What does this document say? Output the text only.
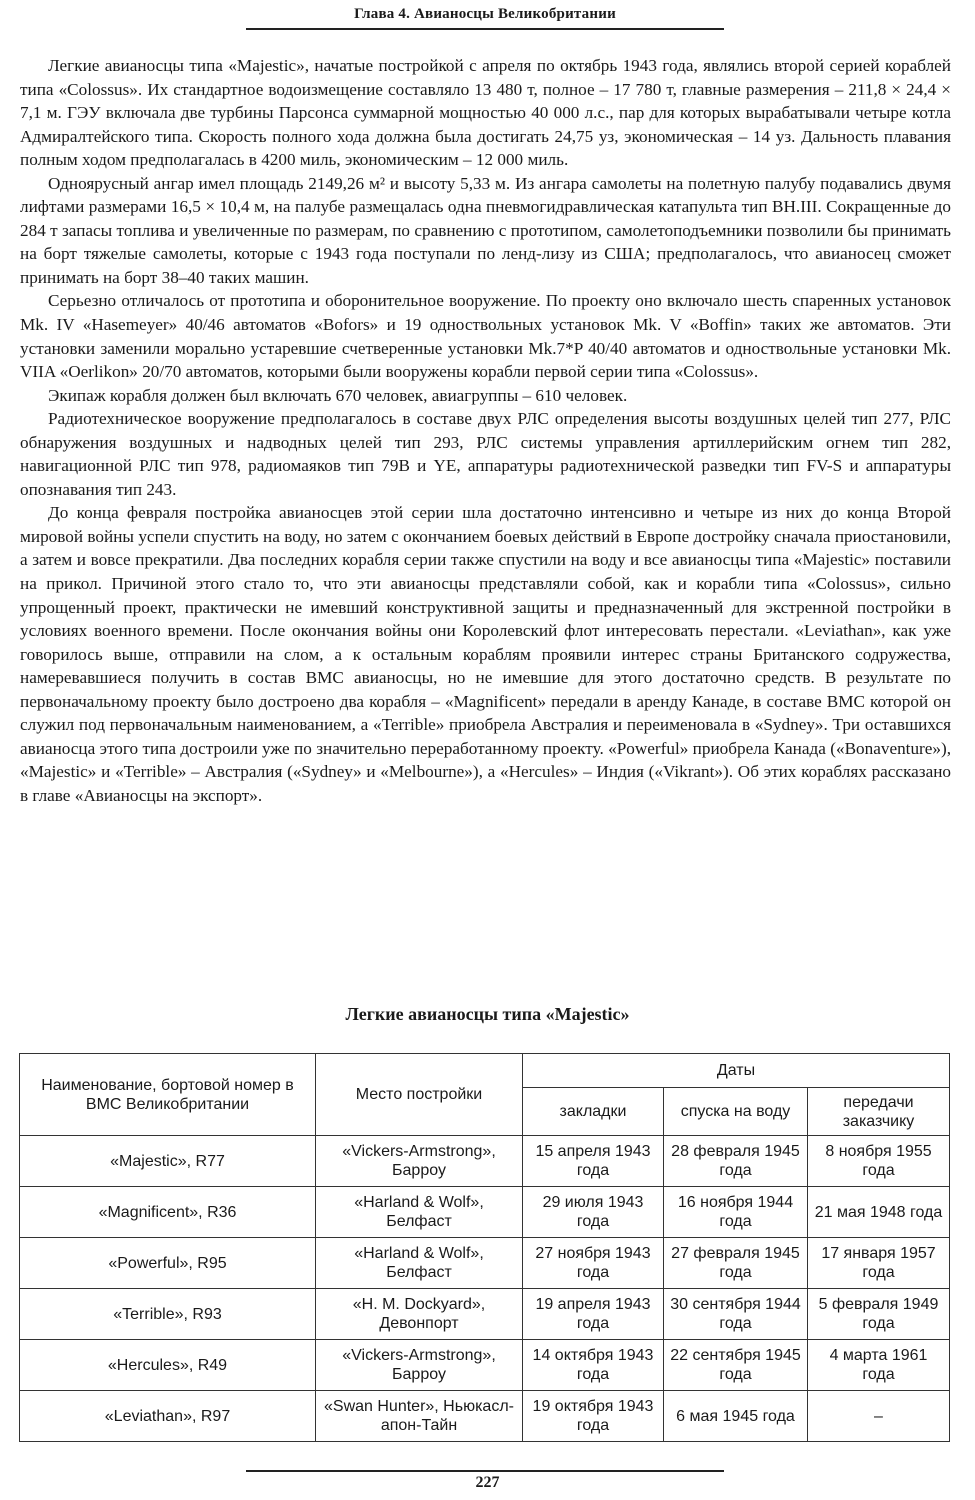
Глава 4. Авианосцы Великобритании

Легкие авианосцы типа «Majestic», начатые постройкой с апреля по октябрь 1943 года, являлись второй серией кораблей типа «Colossus». Их стандартное водоизмещение составляло 13 480 т, полное – 17 780 т, главные размерения – 211,8 × 24,4 × 7,1 м. ГЭУ включала две турбины Парсонса суммарной мощностью 40 000 л.с., пар для которых вырабатывали четыре котла Адмиралтейского типа. Скорость полного хода должна была достигать 24,75 уз, экономическая – 14 уз. Дальность плавания полным ходом предполагалась в 4200 миль, экономическим – 12 000 миль.

Одноярусный ангар имел площадь 2149,26 м² и высоту 5,33 м. Из ангара самолеты на полетную палубу подавались двумя лифтами размерами 16,5 × 10,4 м, на палубе размещалась одна пневмогидравлическая катапульта тип BH.III. Сокращенные до 284 т запасы топлива и увеличенные по размерам, по сравнению с прототипом, самолетоподъемники позволили бы принимать на борт тяжелые самолеты, которые с 1943 года поступали по ленд-лизу из США; предполагалось, что авианосец сможет принимать на борт 38–40 таких машин.

Серьезно отличалось от прототипа и оборонительное вооружение. По проекту оно включало шесть спаренных установок Mk. IV «Hasemeyer» 40/46 автоматов «Bofors» и 19 одноствольных установок Mk. V «Boffin» таких же автоматов. Эти установки заменили морально устаревшие счетверенные установки Mk.7*P 40/40 автоматов и одноствольные установки Mk. VIIA «Oerlikon» 20/70 автоматов, которыми были вооружены корабли первой серии типа «Colossus».

Экипаж корабля должен был включать 670 человек, авиагруппы – 610 человек.

Радиотехническое вооружение предполагалось в составе двух РЛС определения высоты воздушных целей тип 277, РЛС обнаружения воздушных и надводных целей тип 293, РЛС системы управления артиллерийским огнем тип 282, навигационной РЛС тип 978, радиомаяков тип 79B и YE, аппаратуры радиотехнической разведки тип FV-S и аппаратуры опознавания тип 243.

До конца февраля постройка авианосцев этой серии шла достаточно интенсивно и четыре из них до конца Второй мировой войны успели спустить на воду, но затем с окончанием боевых действий в Европе достройку сначала приостановили, а затем и вовсе прекратили. Два последних корабля серии также спустили на воду и все авианосцы типа «Majestic» поставили на прикол. Причиной этого стало то, что эти авианосцы представляли собой, как и корабли типа «Colossus», сильно упрощенный проект, практически не имевший конструктивной защиты и предназначенный для экстренной постройки в условиях военного времени. После окончания войны они Королевский флот интересовать перестали. «Leviathan», как уже говорилось выше, отправили на слом, а к остальным кораблям проявили интерес страны Британского содружества, намеревавшиеся получить в состав ВМС авианосцы, но не имевшие для этого достаточно средств. В результате по первоначальному проекту было достроено два корабля – «Magnificent» передали в аренду Канаде, в составе ВМС которой он служил под первоначальным наименованием, а «Terrible» приобрела Австралия и переименовала в «Sydney». Три оставшихся авианосца этого типа достроили уже по значительно переработанному проекту. «Powerful» приобрела Канада («Bonaventure»), «Majestic» и «Terrible» – Австралия («Sydney» и «Melbourne»), а «Hercules» – Индия («Vikrant»). Об этих кораблях рассказано в главе «Авианосцы на экспорт».

Легкие авианосцы типа «Majestic»
Наименование, бортовой номер в ВМС Великобритании	Место постройки	Даты		
		закладки	спуска на воду	передачи заказчику
«Majestic», R77	«Vickers-Armstrong», Барроу	15 апреля 1943 года	28 февраля 1945 года	8 ноября 1955 года
«Magnificent», R36	«Harland & Wolf», Белфаст	29 июля 1943 года	16 ноября 1944 года	21 мая 1948 года
«Powerful», R95	«Harland & Wolf», Белфаст	27 ноября 1943 года	27 февраля 1945 года	17 января 1957 года
«Terrible», R93	«H. M. Dockyard», Девонпорт	19 апреля 1943 года	30 сентября 1944 года	5 февраля 1949 года
«Hercules», R49	«Vickers-Armstrong», Барроу	14 октября 1943 года	22 сентября 1945 года	4 марта 1961 года
«Leviathan», R97	«Swan Hunter», Ньюкасл-апон-Тайн	19 октября 1943 года	6 мая 1945 года	–
227
